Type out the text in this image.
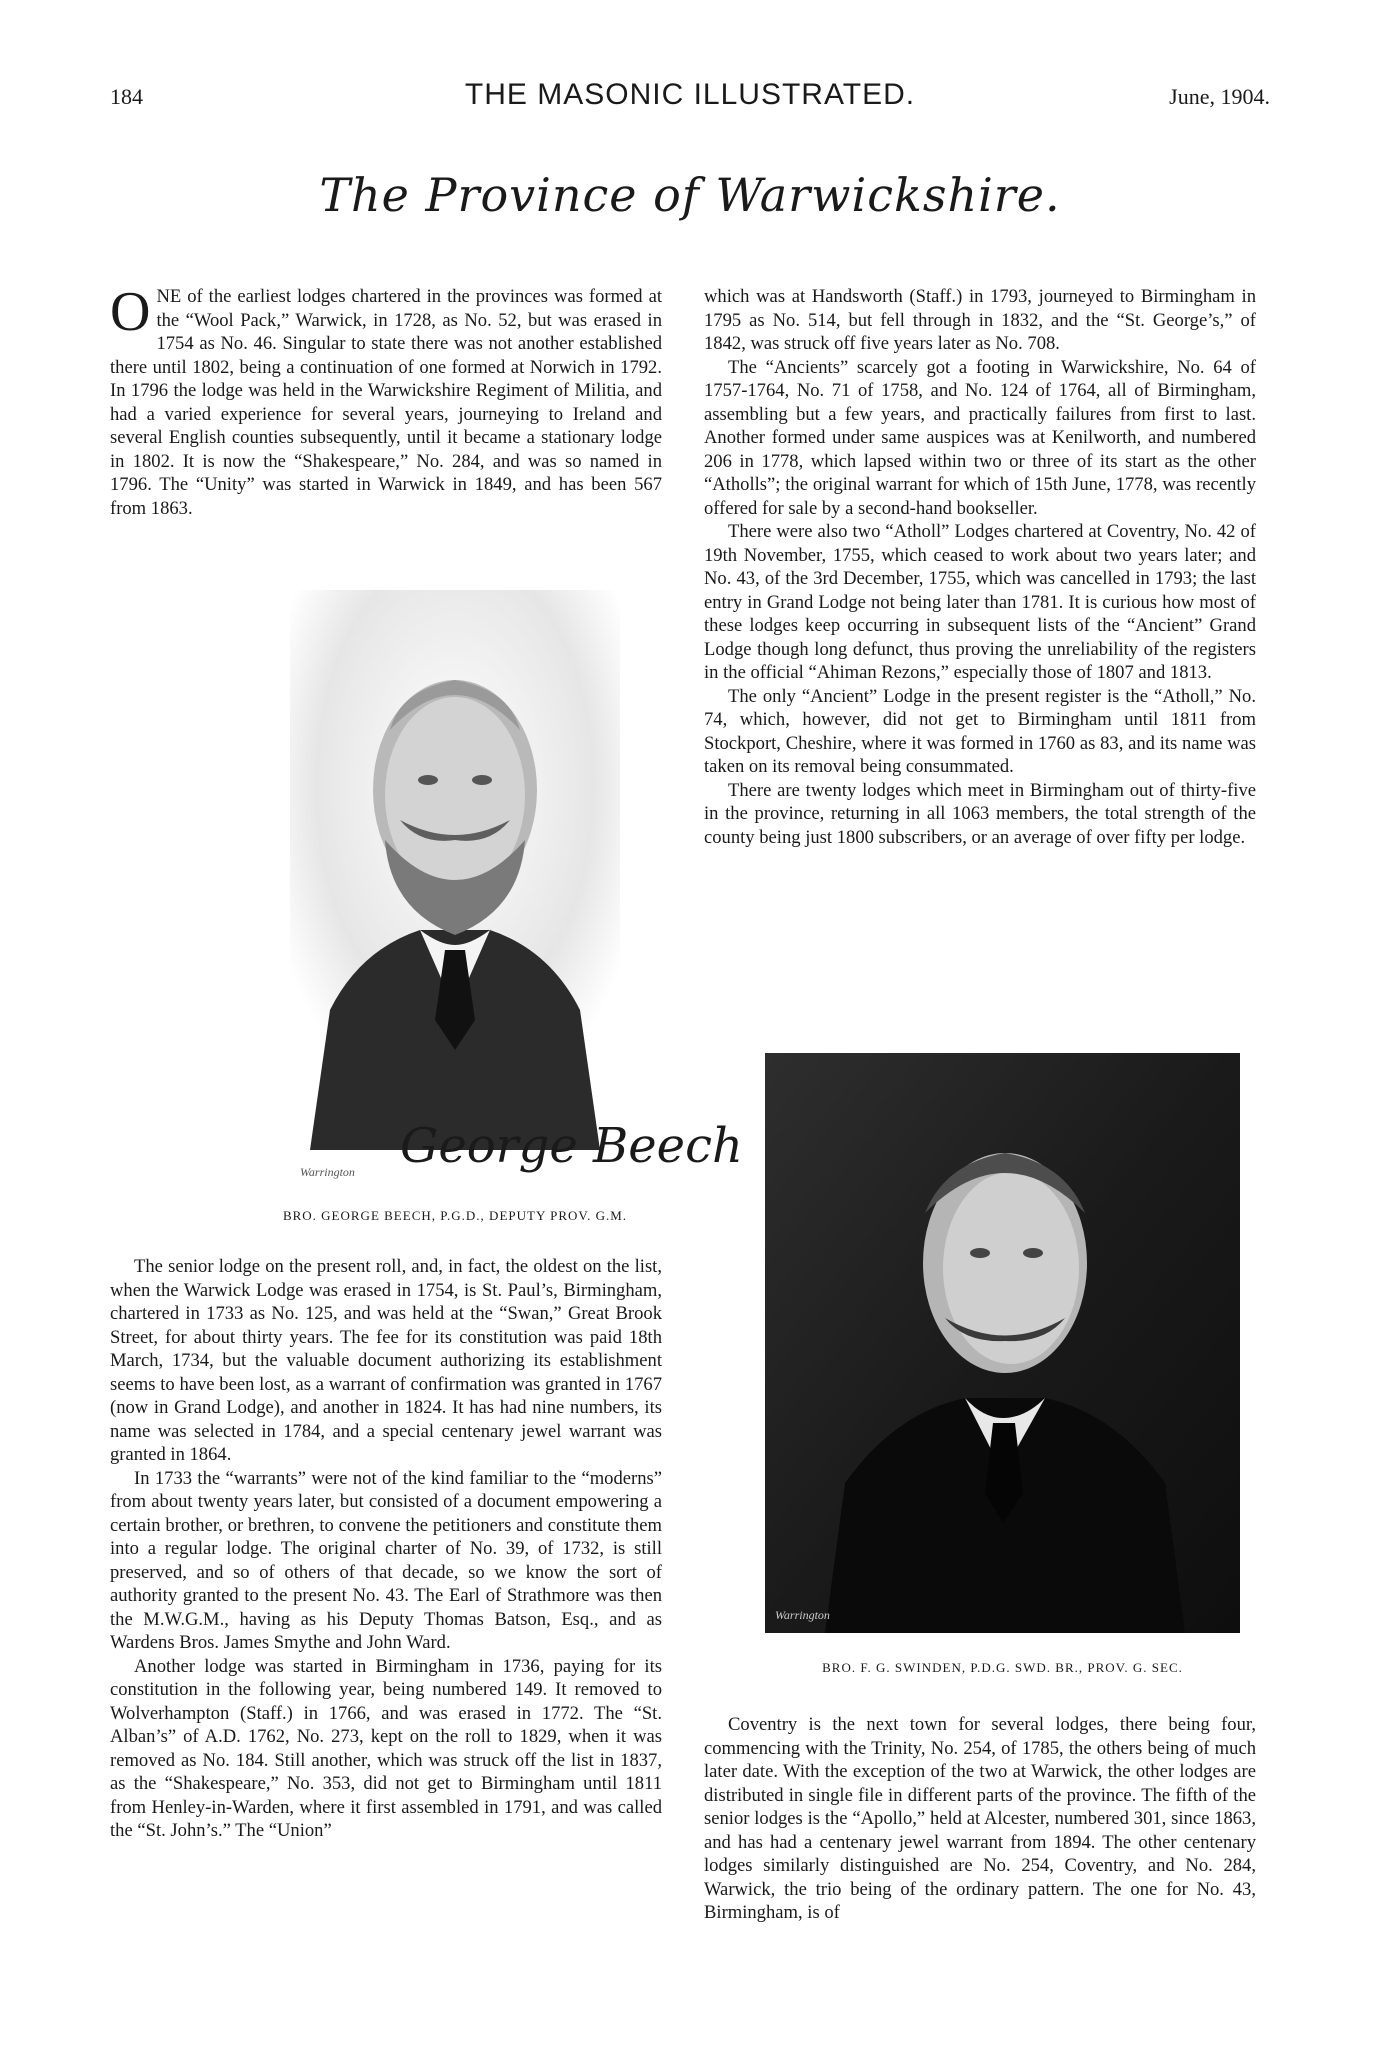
184	THE MASONIC ILLUSTRATED.	June, 1904.
The Province of Warwickshire.

ONE of the earliest lodges chartered in the provinces was formed at the “Wool Pack,” Warwick, in 1728, as No. 52, but was erased in 1754 as No. 46. Singular to state there was not another established there until 1802, being a continuation of one formed at Norwich in 1792. In 1796 the lodge was held in the Warwickshire Regiment of Militia, and had a varied experience for several years, journeying to Ireland and several English counties subsequently, until it became a stationary lodge in 1802. It is now the “Shakespeare,” No. 284, and was so named in 1796. The “Unity” was started in Warwick in 1849, and has been 567 from 1863.

Warrington George Beech
BRO. GEORGE BEECH, P.G.D., DEPUTY PROV. G.M.

The senior lodge on the present roll, and, in fact, the oldest on the list, when the Warwick Lodge was erased in 1754, is St. Paul’s, Birmingham, chartered in 1733 as No. 125, and was held at the “Swan,” Great Brook Street, for about thirty years. The fee for its constitution was paid 18th March, 1734, but the valuable document authorizing its establishment seems to have been lost, as a warrant of confirmation was granted in 1767 (now in Grand Lodge), and another in 1824. It has had nine numbers, its name was selected in 1784, and a special centenary jewel warrant was granted in 1864.

In 1733 the “warrants” were not of the kind familiar to the “moderns” from about twenty years later, but consisted of a document empowering a certain brother, or brethren, to convene the petitioners and constitute them into a regular lodge. The original charter of No. 39, of 1732, is still preserved, and so of others of that decade, so we know the sort of authority granted to the present No. 43. The Earl of Strathmore was then the M.W.G.M., having as his Deputy Thomas Batson, Esq., and as Wardens Bros. James Smythe and John Ward.

Another lodge was started in Birmingham in 1736, paying for its constitution in the following year, being numbered 149. It removed to Wolverhampton (Staff.) in 1766, and was erased in 1772. The “St. Alban’s” of A.D. 1762, No. 273, kept on the roll to 1829, when it was removed as No. 184. Still another, which was struck off the list in 1837, as the “Shakespeare,” No. 353, did not get to Birmingham until 1811 from Henley-in-Warden, where it first assembled in 1791, and was called the “St. John’s.” The “Union”

which was at Handsworth (Staff.) in 1793, journeyed to Birmingham in 1795 as No. 514, but fell through in 1832, and the “St. George’s,” of 1842, was struck off five years later as No. 708.

The “Ancients” scarcely got a footing in Warwickshire, No. 64 of 1757-1764, No. 71 of 1758, and No. 124 of 1764, all of Birmingham, assembling but a few years, and practically failures from first to last. Another formed under same auspices was at Kenilworth, and numbered 206 in 1778, which lapsed within two or three of its start as the other “Atholls”; the original warrant for which of 15th June, 1778, was recently offered for sale by a second-hand bookseller.

There were also two “Atholl” Lodges chartered at Coventry, No. 42 of 19th November, 1755, which ceased to work about two years later; and No. 43, of the 3rd December, 1755, which was cancelled in 1793; the last entry in Grand Lodge not being later than 1781. It is curious how most of these lodges keep occurring in subsequent lists of the “Ancient” Grand Lodge though long defunct, thus proving the unreliability of the registers in the official “Ahiman Rezons,” especially those of 1807 and 1813.

The only “Ancient” Lodge in the present register is the “Atholl,” No. 74, which, however, did not get to Birmingham until 1811 from Stockport, Cheshire, where it was formed in 1760 as 83, and its name was taken on its removal being consummated.

There are twenty lodges which meet in Birmingham out of thirty-five in the province, returning in all 1063 members, the total strength of the county being just 1800 subscribers, or an average of over fifty per lodge.

Warrington
BRO. F. G. SWINDEN, P.D.G. SWD. BR., PROV. G. SEC.

Coventry is the next town for several lodges, there being four, commencing with the Trinity, No. 254, of 1785, the others being of much later date. With the exception of the two at Warwick, the other lodges are distributed in single file in different parts of the province. The fifth of the senior lodges is the “Apollo,” held at Alcester, numbered 301, since 1863, and has had a centenary jewel warrant from 1894. The other centenary lodges similarly distinguished are No. 254, Coventry, and No. 284, Warwick, the trio being of the ordinary pattern. The one for No. 43, Birmingham, is of
